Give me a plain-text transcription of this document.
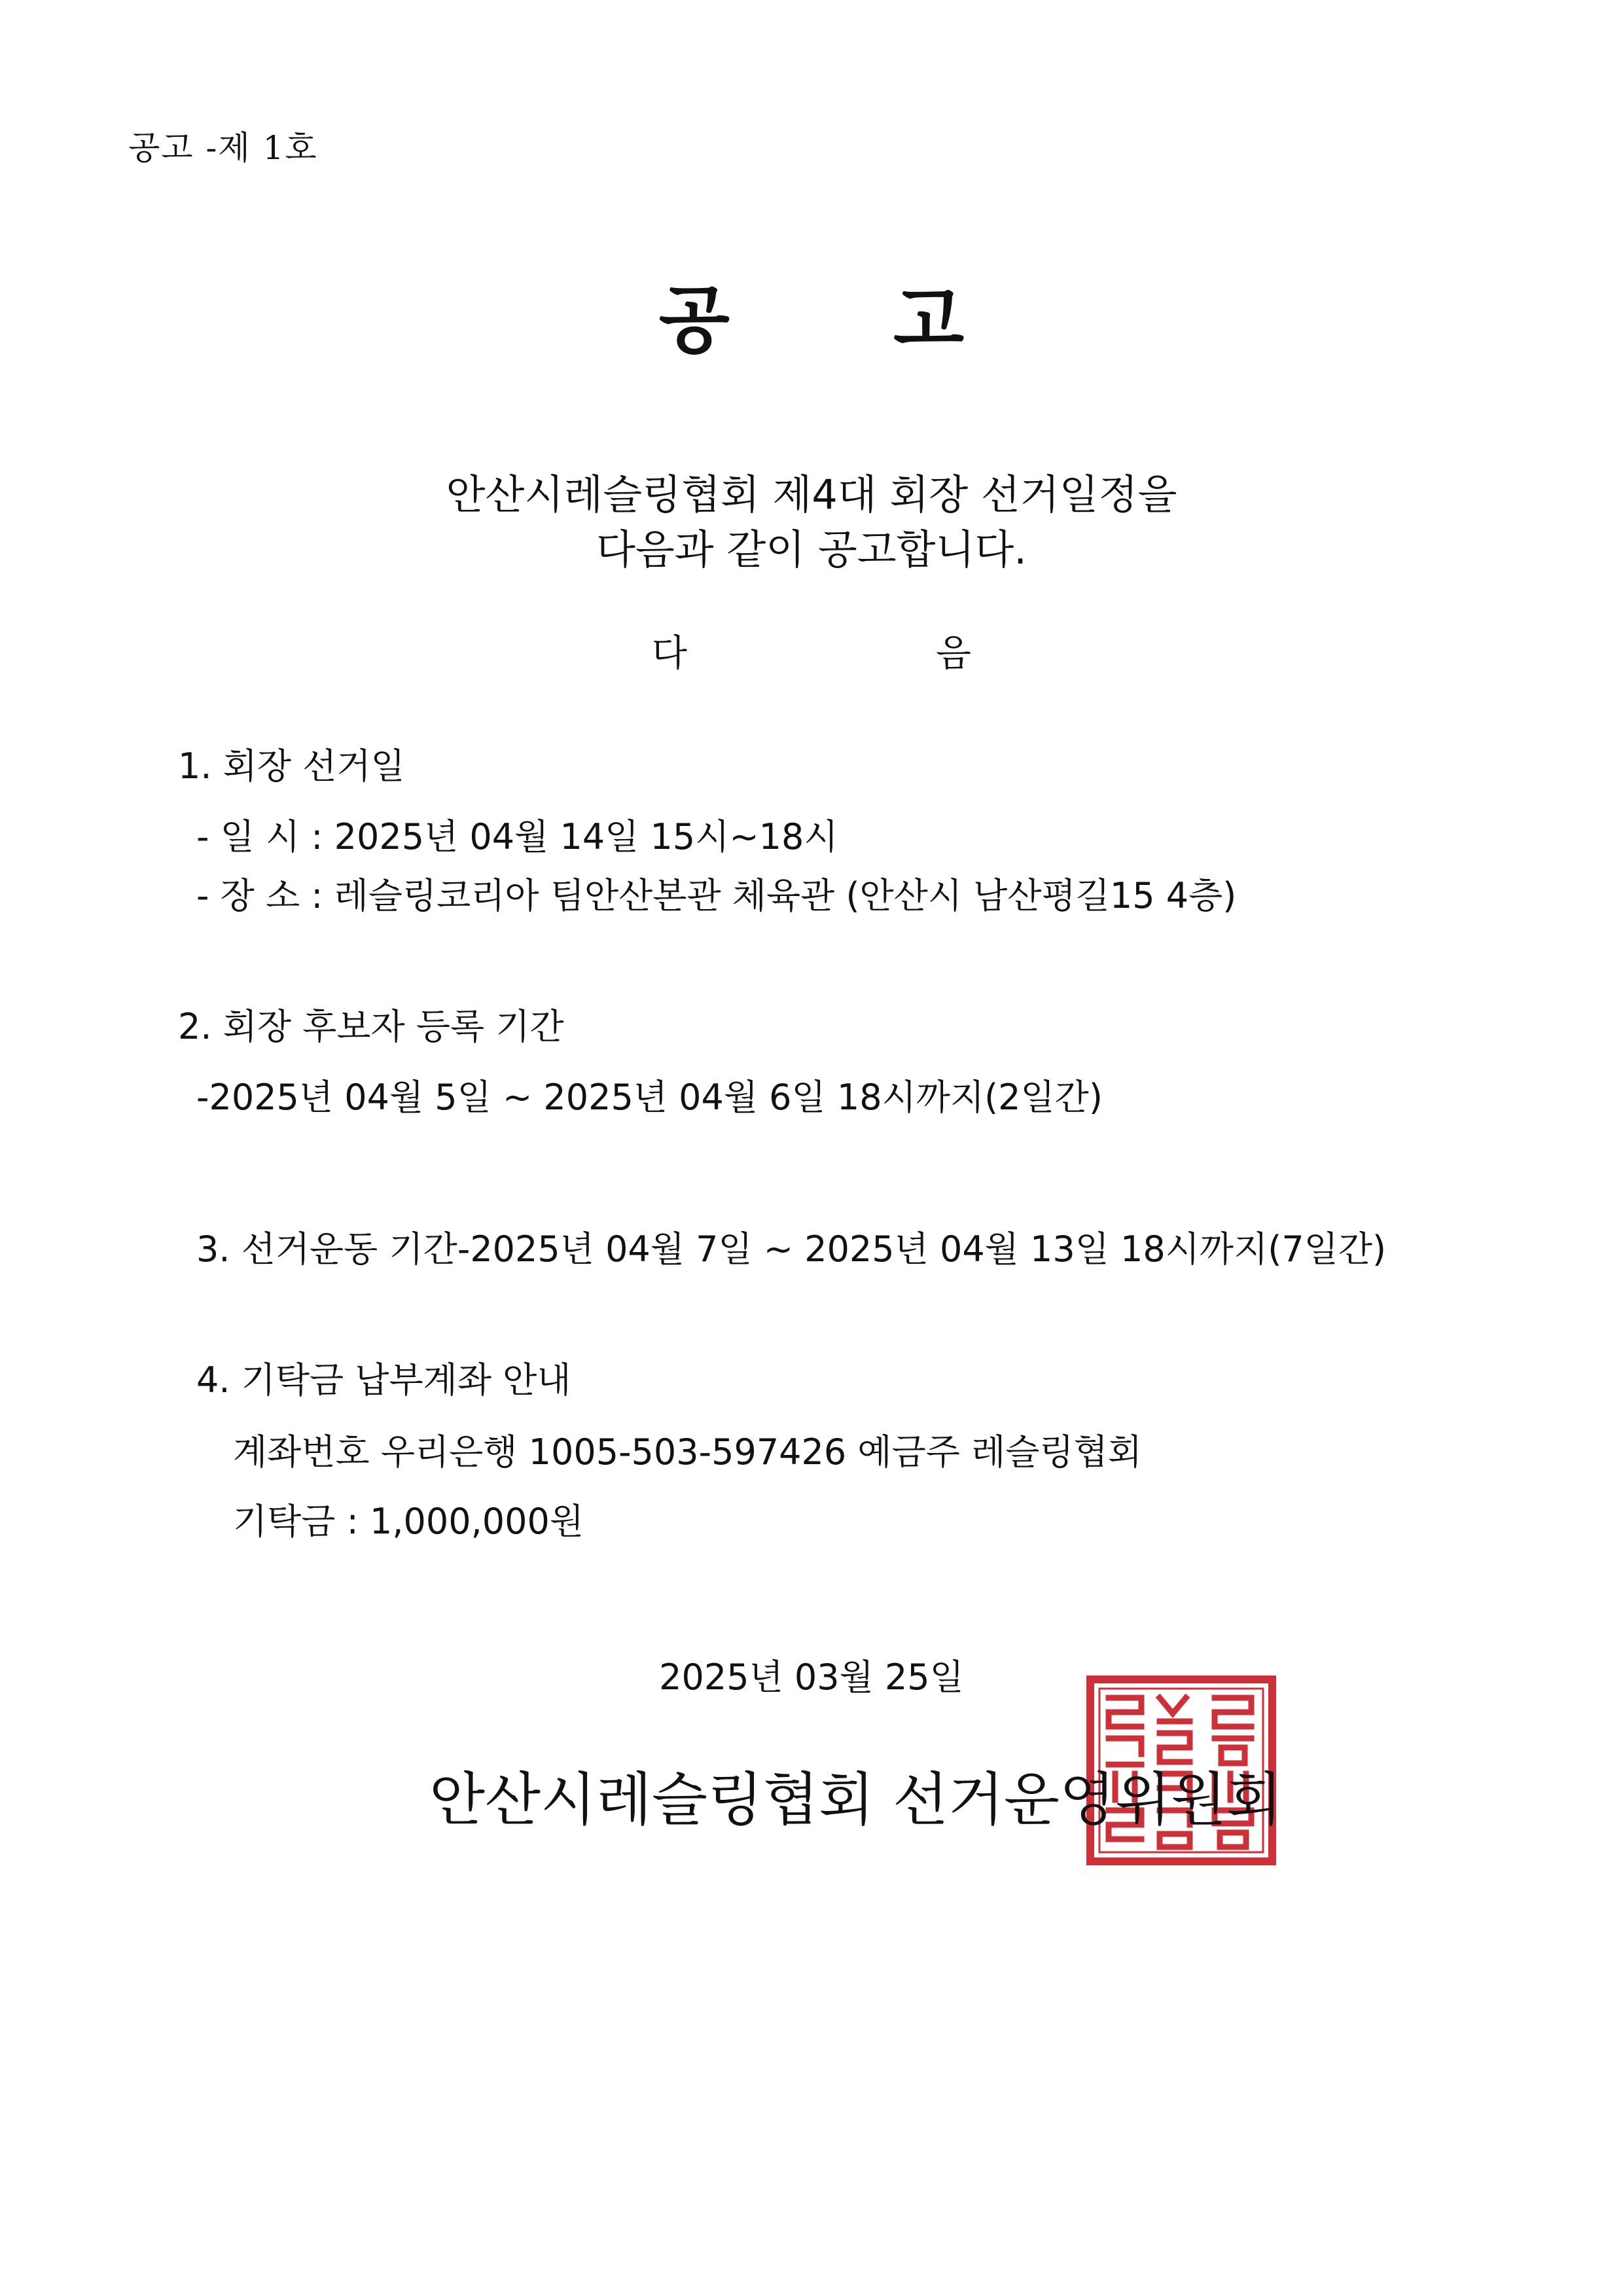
공고 -제 1호
공 고
안산시레슬링협회 제4대 회장 선거일정을
다음과 같이 공고합니다.
다	음
1. 회장 선거일
- 일 시 : 2025년 04월 14일 15시~18시
- 장 소 : 레슬링코리아 팀안산본관 체육관 (안산시 남산평길15 4층)
2. 회장 후보자 등록 기간
-2025년 04월 5일 ~ 2025년 04월 6일 18시까지(2일간)
3. 선거운동 기간-2025년 04월 7일 ~ 2025년 04월 13일 18시까지(7일간)
4. 기탁금 납부계좌 안내
계좌번호 우리은행 1005-503-597426 예금주 레슬링협회
기탁금 : 1,000,000원
2025년 03월 25일
안산시레슬링협회 선거운영위원회
